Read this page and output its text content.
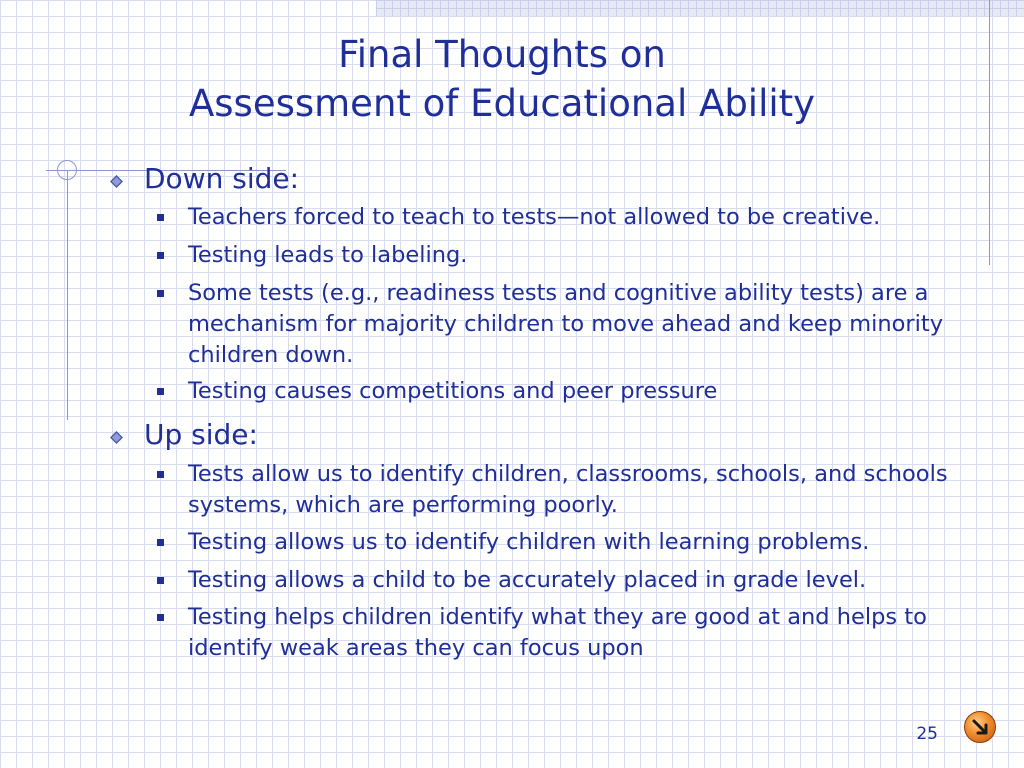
Final Thoughts on
Assessment of Educational Ability
Down side:
Teachers forced to teach to tests—not allowed to be creative.
Testing leads to labeling.
Some tests (e.g., readiness tests and cognitive ability tests) are a mechanism for majority children to move ahead and keep minority children down.
Testing causes competitions and peer pressure
Up side:
Tests allow us to identify children, classrooms, schools, and schools systems, which are performing poorly.
Testing allows us to identify children with learning problems.
Testing allows a child to be accurately placed in grade level.
Testing helps children identify what they are good at and helps to identify weak areas they can focus upon
25
